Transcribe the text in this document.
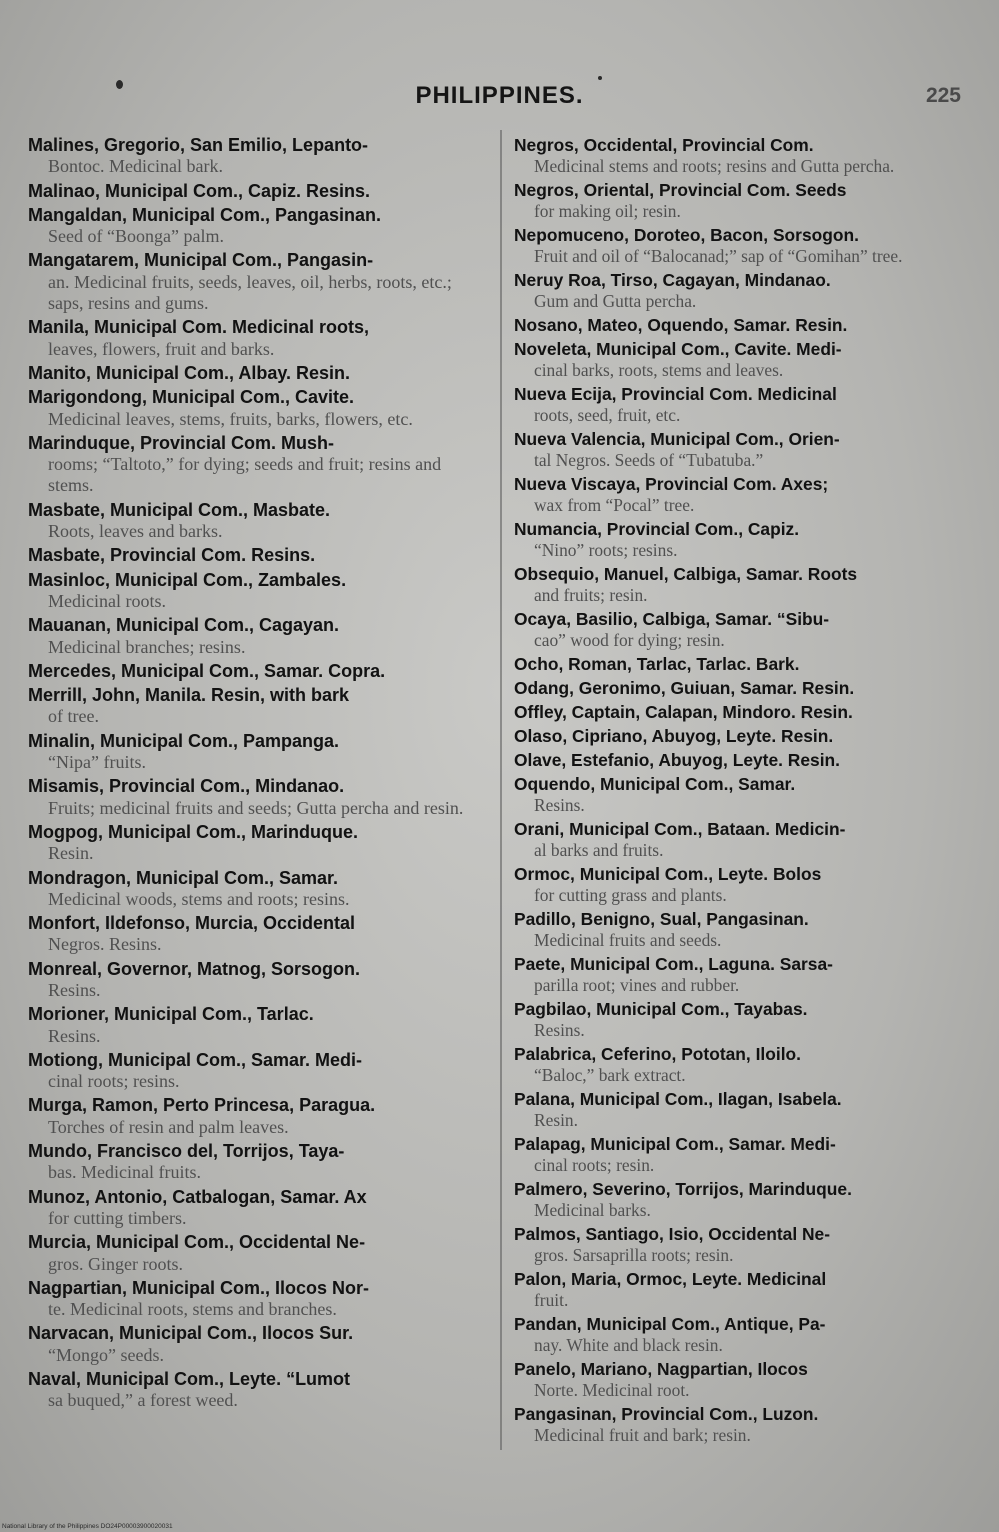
PHILIPPINES.	225

Malines, Gregorio, San Emilio, Lepanto-
Bontoc. Medicinal bark.

Malinao, Municipal Com., Capiz. Resins.

Mangaldan, Municipal Com., Pangasinan.
Seed of “Boonga” palm.

Mangatarem, Municipal Com., Pangasin-
an. Medicinal fruits, seeds, leaves, oil, herbs, roots, etc.; saps, resins and gums.

Manila, Municipal Com. Medicinal roots,
leaves, flowers, fruit and barks.

Manito, Municipal Com., Albay. Resin.

Marigondong, Municipal Com., Cavite.
Medicinal leaves, stems, fruits, barks, flowers, etc.

Marinduque, Provincial Com. Mush-
rooms; “Taltoto,” for dying; seeds and fruit; resins and stems.

Masbate, Municipal Com., Masbate.
Roots, leaves and barks.

Masbate, Provincial Com. Resins.

Masinloc, Municipal Com., Zambales.
Medicinal roots.

Mauanan, Municipal Com., Cagayan.
Medicinal branches; resins.

Mercedes, Municipal Com., Samar. Copra.

Merrill, John, Manila. Resin, with bark
of tree.

Minalin, Municipal Com., Pampanga.
“Nipa” fruits.

Misamis, Provincial Com., Mindanao.
Fruits; medicinal fruits and seeds; Gutta percha and resin.

Mogpog, Municipal Com., Marinduque.
Resin.

Mondragon, Municipal Com., Samar.
Medicinal woods, stems and roots; resins.

Monfort, Ildefonso, Murcia, Occidental
Negros. Resins.

Monreal, Governor, Matnog, Sorsogon.
Resins.

Morioner, Municipal Com., Tarlac.
Resins.

Motiong, Municipal Com., Samar. Medi-
cinal roots; resins.

Murga, Ramon, Perto Princesa, Paragua.
Torches of resin and palm leaves.

Mundo, Francisco del, Torrijos, Taya-
bas. Medicinal fruits.

Munoz, Antonio, Catbalogan, Samar. Ax
for cutting timbers.

Murcia, Municipal Com., Occidental Ne-
gros. Ginger roots.

Nagpartian, Municipal Com., Ilocos Nor-
te. Medicinal roots, stems and branches.

Narvacan, Municipal Com., Ilocos Sur.
“Mongo” seeds.

Naval, Municipal Com., Leyte. “Lumot
sa buqued,” a forest weed.

Negros, Occidental, Provincial Com.
Medicinal stems and roots; resins and Gutta percha.

Negros, Oriental, Provincial Com. Seeds
for making oil; resin.

Nepomuceno, Doroteo, Bacon, Sorsogon.
Fruit and oil of “Balocanad;” sap of “Gomihan” tree.

Neruy Roa, Tirso, Cagayan, Mindanao.
Gum and Gutta percha.

Nosano, Mateo, Oquendo, Samar. Resin.

Noveleta, Municipal Com., Cavite. Medi-
cinal barks, roots, stems and leaves.

Nueva Ecija, Provincial Com. Medicinal
roots, seed, fruit, etc.

Nueva Valencia, Municipal Com., Orien-
tal Negros. Seeds of “Tubatuba.”

Nueva Viscaya, Provincial Com. Axes;
wax from “Pocal” tree.

Numancia, Provincial Com., Capiz.
“Nino” roots; resins.

Obsequio, Manuel, Calbiga, Samar. Roots
and fruits; resin.

Ocaya, Basilio, Calbiga, Samar. “Sibu-
cao” wood for dying; resin.

Ocho, Roman, Tarlac, Tarlac. Bark.

Odang, Geronimo, Guiuan, Samar. Resin.

Offley, Captain, Calapan, Mindoro. Resin.

Olaso, Cipriano, Abuyog, Leyte. Resin.

Olave, Estefanio, Abuyog, Leyte. Resin.

Oquendo, Municipal Com., Samar.
Resins.

Orani, Municipal Com., Bataan. Medicin-
al barks and fruits.

Ormoc, Municipal Com., Leyte. Bolos
for cutting grass and plants.

Padillo, Benigno, Sual, Pangasinan.
Medicinal fruits and seeds.

Paete, Municipal Com., Laguna. Sarsa-
parilla root; vines and rubber.

Pagbilao, Municipal Com., Tayabas.
Resins.

Palabrica, Ceferino, Pototan, Iloilo.
“Baloc,” bark extract.

Palana, Municipal Com., Ilagan, Isabela.
Resin.

Palapag, Municipal Com., Samar. Medi-
cinal roots; resin.

Palmero, Severino, Torrijos, Marinduque.
Medicinal barks.

Palmos, Santiago, Isio, Occidental Ne-
gros. Sarsaprilla roots; resin.

Palon, Maria, Ormoc, Leyte. Medicinal
fruit.

Pandan, Municipal Com., Antique, Pa-
nay. White and black resin.

Panelo, Mariano, Nagpartian, Ilocos
Norte. Medicinal root.

Pangasinan, Provincial Com., Luzon.
Medicinal fruit and bark; resin.

National Library of the Philippines DO24P00003900020031
